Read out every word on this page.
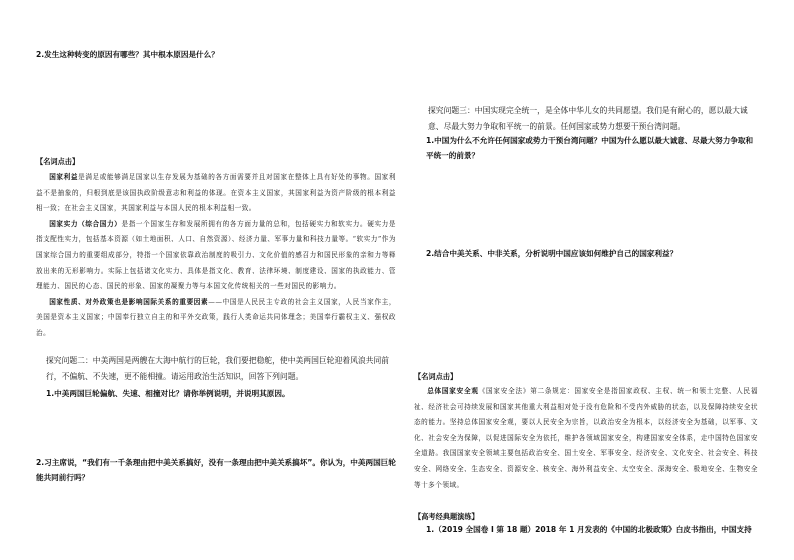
2.发生这种转变的原因有哪些？其中根本原因是什么？

【名词点击】

国家利益是满足或能够满足国家以生存发展为基础的各方面需要并且对国家在整体上具有好处的事物。国家利益不是抽象的，归根到底是该国执政阶级意志和利益的体现。在资本主义国家，其国家利益为资产阶级的根本利益相一致；在社会主义国家，其国家利益与本国人民的根本利益相一致。

国家实力（综合国力）是指一个国家生存和发展所拥有的各方面力量的总和，包括硬实力和软实力。硬实力是指支配性实力，包括基本资源（如土地面积、人口、自然资源）、经济力量、军事力量和科技力量等。“软实力”作为国家综合国力的重要组成部分，特指一个国家依靠政治制度的吸引力、文化价值的感召力和国民形象的亲和力等释放出来的无形影响力。实际上包括诸文化实力、具体是指文化、教育、法律环境、制度建设、国家的执政能力、管理能力、国民的心态、国民的形象、国家的凝聚力等与本国文化传统相关的一些对国民的影响力。

国家性质、对外政策也是影响国际关系的重要因素——中国是人民民主专政的社会主义国家，人民当家作主，美国是资本主义国家；中国奉行独立自主的和平外交政策，践行人类命运共同体理念；美国奉行霸权主义、强权政治。

探究问题二：中美两国是两艘在大海中航行的巨轮，我们要把稳舵，使中美两国巨轮迎着风浪共同前行，不偏航、不失速，更不能相撞。请运用政治生活知识，回答下列问题。

1.中美两国巨轮偏航、失速、相撞对比？请你举例说明，并说明其原因。

2.习主席说，“我们有一千条理由把中美关系搞好，没有一条理由把中美关系搞坏”。你认为，中美两国巨轮能共同前行吗？

探究问题三：中国实现完全统一，是全体中华儿女的共同愿望。我们是有耐心的，愿以最大诚意、尽最大努力争取和平统一的前景。任何国家或势力想要干预台湾问题。

1.中国为什么不允许任何国家或势力干预台湾问题？中国为什么愿以最大诚意、尽最大努力争取和平统一的前景？

2.结合中美关系、中非关系，分析说明中国应该如何维护自己的国家利益？

【名词点击】

总体国家安全观《国家安全法》第二条规定：国家安全是指国家政权、主权、统一和领土完整、人民福祉、经济社会可持续发展和国家其他重大利益相对处于没有危险和不受内外威胁的状态，以及保障持续安全状态的能力。坚持总体国家安全观，要以人民安全为宗旨，以政治安全为根本，以经济安全为基础，以军事、文化、社会安全为保障，以促进国际安全为依托，维护各领域国家安全，构建国家安全体系，走中国特色国家安全道路。我国国家安全领域主要包括政治安全、国土安全、军事安全、经济安全、文化安全、社会安全、科技安全、网络安全、生态安全、资源安全、核安全、海外利益安全、太空安全、深海安全、极地安全、生物安全等十多个领域。

【高考经典题演练】

1.（2019 全国卷 I 第 18 题）2018 年 1 月发表的《中国的北极政策》白皮书指出，中国支持
